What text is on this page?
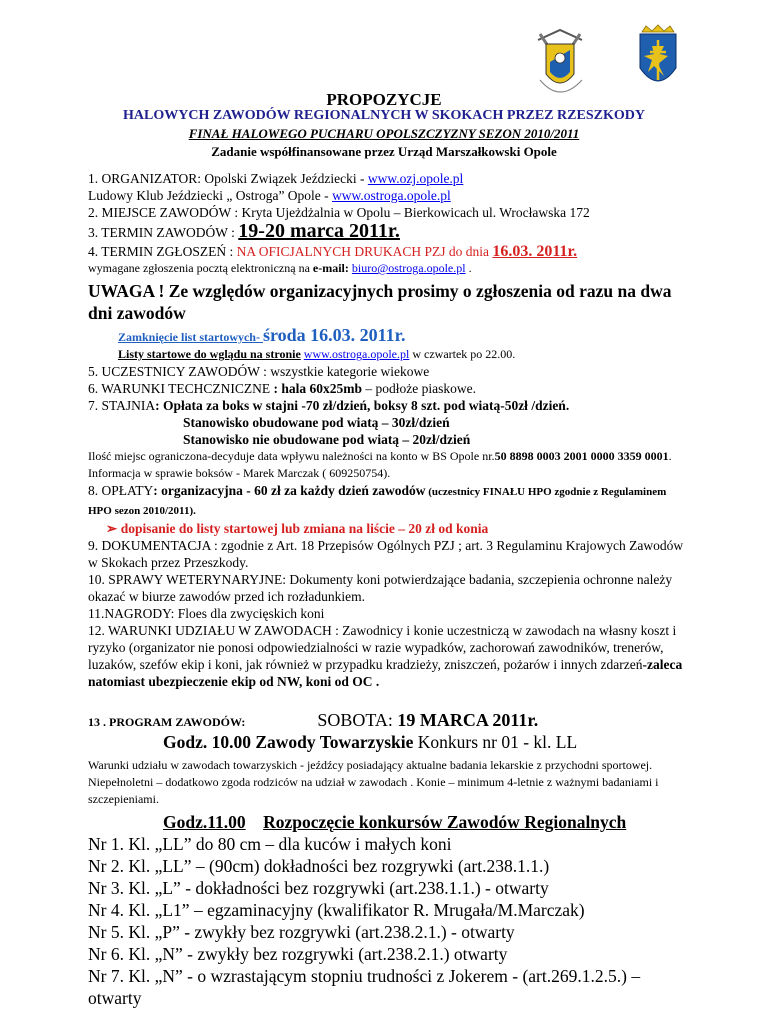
PROPOZYCJE
HALOWYCH ZAWODÓW REGIONALNYCH W SKOKACH PRZEZ RZESZKODY
FINAŁ HALOWEGO PUCHARU OPOLSZCZYZNY SEZON 2010/2011
Zadanie współfinansowane przez Urząd Marszałkowski Opole

1. ORGANIZATOR: Opolski Związek Jeździecki - www.ozj.opole.pl

Ludowy Klub Jeździecki „ Ostroga” Opole - www.ostroga.opole.pl

2. MIEJSCE ZAWODÓW : Kryta Ujeżdżalnia w Opolu – Bierkowicach ul. Wrocławska 172

3. TERMIN ZAWODÓW : 19-20 marca 2011r.

4. TERMIN ZGŁOSZEŃ : NA OFICJALNYCH DRUKACH PZJ do dnia 16.03. 2011r.

wymagane zgłoszenia pocztą elektroniczną na e-mail: biuro@ostroga.opole.pl .

UWAGA ! Ze względów organizacyjnych prosimy o zgłoszenia od razu na dwa dni zawodów

Zamknięcie list startowych- środa 16.03. 2011r.

Listy startowe do wglądu na stronie www.ostroga.opole.pl w czwartek po 22.00.

5. UCZESTNICY ZAWODÓW : wszystkie kategorie wiekowe

6. WARUNKI TECHCZNICZNE : hala 60x25mb – podłoże piaskowe.

7. STAJNIA: Opłata za boks w stajni -70 zł/dzień, boksy 8 szt. pod wiatą-50zł /dzień.

Stanowisko obudowane pod wiatą – 30zł/dzień

Stanowisko nie obudowane pod wiatą – 20zł/dzień

Ilość miejsc ograniczona-decyduje data wpływu należności na konto w BS Opole nr.50 8898 0003 2001 0000 3359 0001. Informacja w sprawie boksów - Marek Marczak ( 609250754).

8. OPŁATY: organizacyjna - 60 zł za każdy dzień zawodów (uczestnicy FINAŁU HPO zgodnie z Regulaminem HPO sezon 2010/2011).

➢ dopisanie do listy startowej lub zmiana na liście – 20 zł od konia

9. DOKUMENTACJA : zgodnie z Art. 18 Przepisów Ogólnych PZJ ; art. 3 Regulaminu Krajowych Zawodów w Skokach przez Przeszkody.

10. SPRAWY WETERYNARYJNE: Dokumenty koni potwierdzające badania, szczepienia ochronne należy okazać w biurze zawodów przed ich rozładunkiem.

11.NAGRODY: Floes dla zwycięskich koni

12. WARUNKI UDZIAŁU W ZAWODACH : Zawodnicy i konie uczestniczą w zawodach na własny koszt i ryzyko (organizator nie ponosi odpowiedzialności w razie wypadków, zachorowań zawodników, trenerów, luzaków, szefów ekip i koni, jak również w przypadku kradzieży, zniszczeń, pożarów i innych zdarzeń-zaleca natomiast ubezpieczenie ekip od NW, koni od OC .

13 . PROGRAM ZAWODÓW:	SOBOTA: 19 MARCA 2011r.

Godz. 10.00 Zawody Towarzyskie Konkurs nr 01 - kl. LL

Warunki udziału w zawodach towarzyskich - jeźdźcy posiadający aktualne badania lekarskie z przychodni sportowej. Niepełnoletni – dodatkowo zgoda rodziców na udział w zawodach . Konie – minimum 4-letnie z ważnymi badaniami i szczepieniami.

Godz.11.00 Rozpoczęcie konkursów Zawodów Regionalnych

Nr 1. Kl. „LL” do 80 cm – dla kuców i małych koni

Nr 2. Kl. „LL” – (90cm) dokładności bez rozgrywki (art.238.1.1.)

Nr 3. Kl. „L” - dokładności bez rozgrywki (art.238.1.1.) - otwarty

Nr 4. Kl. „L1” – egzaminacyjny (kwalifikator R. Mrugała/M.Marczak)

Nr 5. Kl. „P” - zwykły bez rozgrywki (art.238.2.1.) - otwarty

Nr 6. Kl. „N” - zwykły bez rozgrywki (art.238.2.1.) otwarty

Nr 7. Kl. „N” - o wzrastającym stopniu trudności z Jokerem - (art.269.1.2.5.) – otwarty
